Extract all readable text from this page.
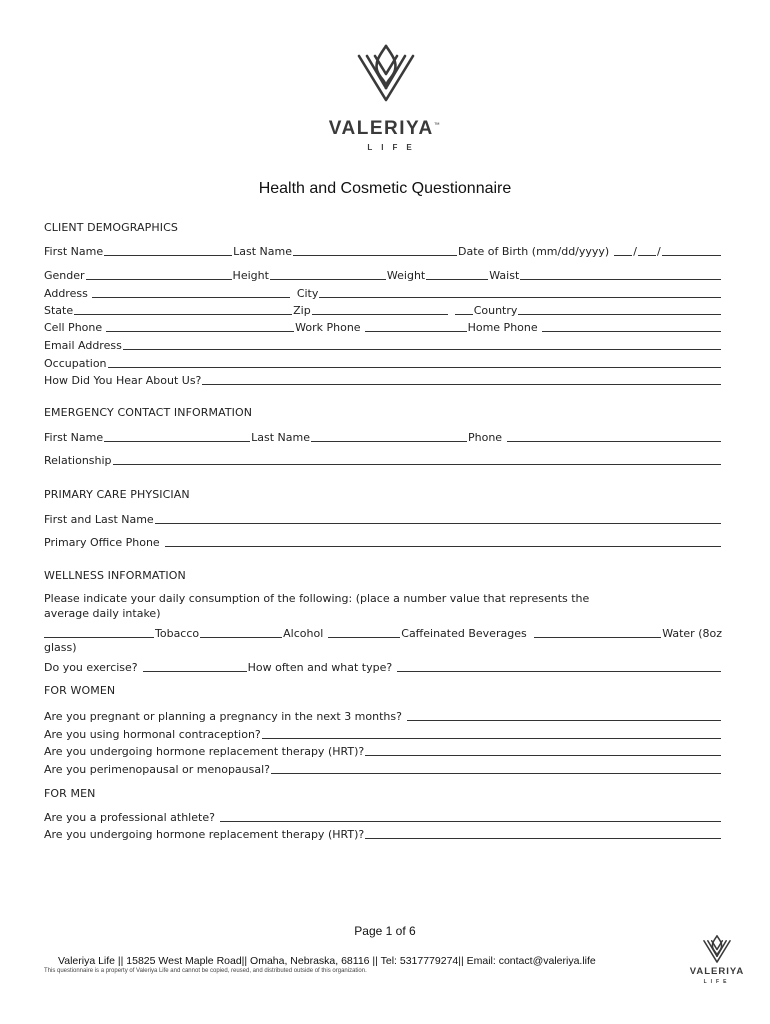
VALERIYA™
LIFE
Health and Cosmetic Questionnaire
CLIENT DEMOGRAPHICS
First Name	Last Name	Date of Birth (mm/dd/yyyy) / /
Gender	Height	Weight	Waist
Address	City
State	Zip	Country
Cell Phone	Work Phone	Home Phone
Email Address
Occupation
How Did You Hear About Us?
EMERGENCY CONTACT INFORMATION
First Name	Last Name	Phone
Relationship
PRIMARY CARE PHYSICIAN
First and Last Name
Primary Office Phone
WELLNESS INFORMATION
Please indicate your daily consumption of the following: (place a number value that represents the
average daily intake)
Tobacco	Alcohol	Caffeinated Beverages	Water (8oz
glass)
Do you exercise?	How often and what type?
FOR WOMEN
Are you pregnant or planning a pregnancy in the next 3 months?
Are you using hormonal contraception?
Are you undergoing hormone replacement therapy (HRT)?
Are you perimenopausal or menopausal?
FOR MEN
Are you a professional athlete?
Are you undergoing hormone replacement therapy (HRT)?
Page 1 of 6
Valeriya Life || 15825 West Maple Road|| Omaha, Nebraska, 68116 || Tel: 5317779274|| Email: contact@valeriya.life
This questionnaire is a property of Valeriya Life and cannot be copied, reused, and distributed outside of this organization.	VALERIYA
LIFE
